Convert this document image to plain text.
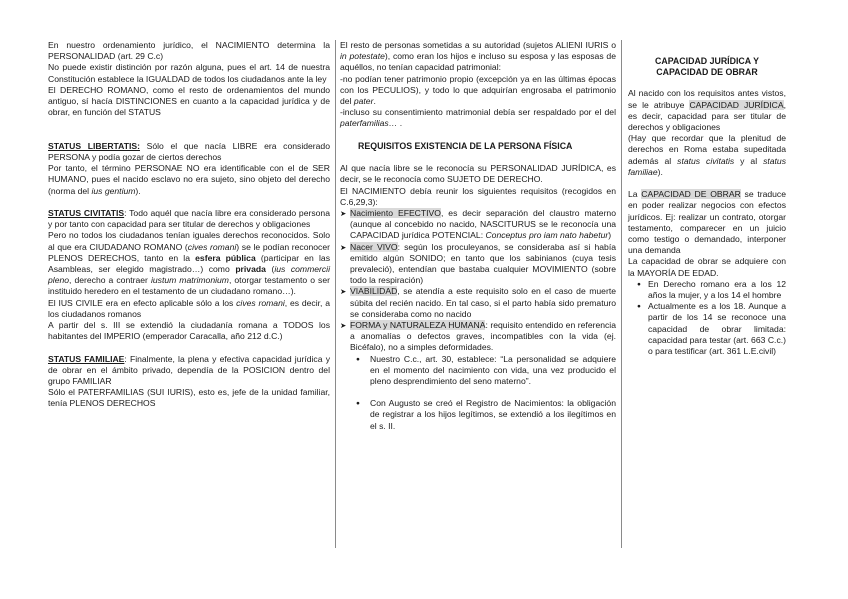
En nuestro ordenamiento jurídico, el NACIMIENTO determina la PERSONALIDAD (art. 29 C.c)

No puede existir distinción por razón alguna, pues el art. 14 de nuestra Constitución establece la IGUALDAD de todos los ciudadanos ante la ley

El DERECHO ROMANO, como el resto de ordenamientos del mundo antiguo, sí hacía DISTINCIONES en cuanto a la capacidad jurídica y de obrar, en función del STATUS

STATUS LIBERTATIS: Sólo el que nacía LIBRE era considerado PERSONA y podía gozar de ciertos derechos

Por tanto, el término PERSONAE NO era identificable con el de SER HUMANO, pues el nacido esclavo no era sujeto, sino objeto del derecho (norma del ius gentium).

STATUS CIVITATIS: Todo aquél que nacía libre era considerado persona y por tanto con capacidad para ser titular de derechos y obligaciones

Pero no todos los ciudadanos tenían iguales derechos reconocidos. Solo al que era CIUDADANO ROMANO (cives romani) se le podían reconocer PLENOS DERECHOS, tanto en la esfera pública (participar en las Asambleas, ser elegido magistrado…) como privada (ius commercii pleno, derecho a contraer iustum matrimonium, otorgar testamento o ser instituido heredero en el testamento de un ciudadano romano…).

El IUS CIVILE era en efecto aplicable sólo a los cives romani, es decir, a los ciudadanos romanos

A partir del s. III se extendió la ciudadanía romana a TODOS los habitantes del IMPERIO (emperador Caracalla, año 212 d.C.)

STATUS FAMILIAE: Finalmente, la plena y efectiva capacidad jurídica y de obrar en el ámbito privado, dependía de la POSICION dentro del grupo FAMILIAR

Sólo el PATERFAMILIAS (SUI IURIS), esto es, jefe de la unidad familiar, tenía PLENOS DERECHOS

El resto de personas sometidas a su autoridad (sujetos ALIENI IURIS o in potestate), como eran los hijos e incluso su esposa y las esposas de aquéllos, no tenían capacidad patrimonial:

-no podían tener patrimonio propio (excepción ya en las últimas épocas con los PECULIOS), y todo lo que adquirían engrosaba el patrimonio del pater.

-incluso su consentimiento matrimonial debía ser respaldado por el del paterfamilias… .

REQUISITOS EXISTENCIA DE LA PERSONA FÍSICA

Al que nacía libre se le reconocía su PERSONALIDAD JURÍDICA, es decir, se le reconocía como SUJETO DE DERECHO.

El NACIMIENTO debía reunir los siguientes requisitos (recogidos en C.6,29,3):

➤ Nacimiento EFECTIVO, es decir separación del claustro materno (aunque al concebido no nacido, NASCITURUS se le reconocía una CAPACIDAD jurídica POTENCIAL: Conceptus pro iam nato habetur)
➤ Nacer VIVO: según los proculeyanos, se consideraba así si había emitido algún SONIDO; en tanto que los sabinianos (cuya tesis prevaleció), entendían que bastaba cualquier MOVIMIENTO (sobre todo la respiración)
➤ VIABILIDAD, se atendía a este requisito solo en el caso de muerte súbita del recién nacido. En tal caso, si el parto había sido prematuro se consideraba como no nacido
➤ FORMA y NATURALEZA HUMANA: requisito entendido en referencia a anomalías o defectos graves, incompatibles con la vida (ej. Bicéfalo), no a simples deformidades.
● Nuestro C.c., art. 30, establece: “La personalidad se adquiere en el momento del nacimiento con vida, una vez producido el pleno desprendimiento del seno materno”.
● Con Augusto se creó el Registro de Nacimientos: la obligación de registrar a los hijos legítimos, se extendió a los ilegítimos en el s. II.

CAPACIDAD JURÍDICA Y CAPACIDAD DE OBRAR

Al nacido con los requisitos antes vistos, se le atribuye CAPACIDAD JURÍDICA, es decir, capacidad para ser titular de derechos y obligaciones

(Hay que recordar que la plenitud de derechos en Roma estaba supeditada además al status civitatis y al status familiae).

La CAPACIDAD DE OBRAR se traduce en poder realizar negocios con efectos jurídicos. Ej: realizar un contrato, otorgar testamento, comparecer en un juicio como testigo o demandado, interponer una demanda

La capacidad de obrar se adquiere con la MAYORÍA DE EDAD.

● En Derecho romano era a los 12 años la mujer, y a los 14 el hombre
● Actualmente es a los 18. Aunque a partir de los 14 se reconoce una capacidad de obrar limitada: capacidad para testar (art. 663 C.c.) o para testificar (art. 361 L.E.civil)
